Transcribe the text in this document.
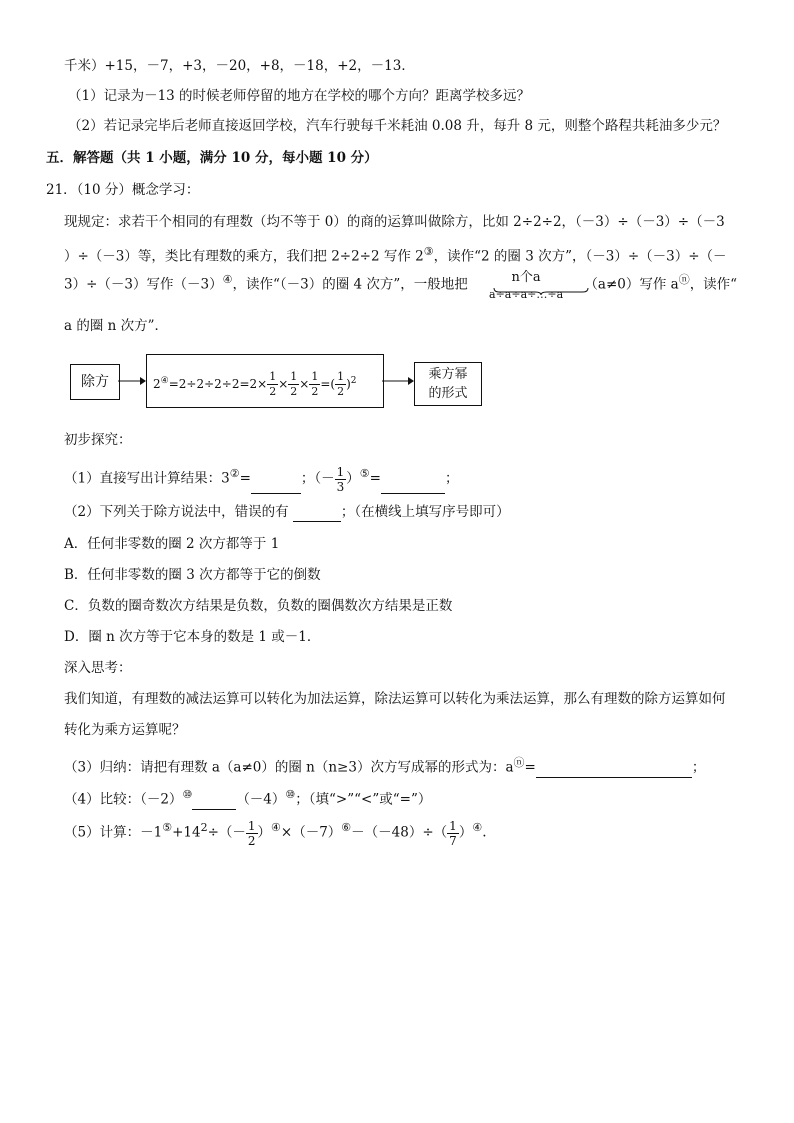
千米）+15，－7，+3，－20，+8，－18，+2，－13．
（1）记录为－13 的时候老师停留的地方在学校的哪个方向？距离学校多远？
（2）若记录完毕后老师直接返回学校，汽车行驶每千米耗油 0.08 升，每升 8 元，则整个路程共耗油多少元？
五．解答题（共 1 小题，满分 10 分，每小题 10 分）
21．（10 分）概念学习：
现规定：求若干个相同的有理数（均不等于 0）的商的运算叫做除方，比如 2÷2÷2，（－3）÷（－3）÷（－3
）÷（－3）等，类比有理数的乘方，我们把 2÷2÷2 写作 2③，读作“2 的圈 3 次方”，（－3）÷（－3）÷（－
3）÷（－3）写作（－3）④，读作“（－3）的圈 4 次方”，一般地把	n个a
a÷a÷a÷…÷a
（a≠0）写作 aⓝ，读作“
a 的圈 n 次方”．
除方	$2^④=2\div 2\div 2\div 2=2\times \frac{1}{2} \times \frac{1}{2} \times \frac{1}{2}$ =( $\frac{1}{2} )^2$	乘方幂
的形式
初步探究：
（1）直接写出计算结果：3②=	；（－ $\frac{1}{3} )^⑤=$	；
（2）下列关于除方说法中，错误的有	；（在横线上填写序号即可）
A．任何非零数的圈 2 次方都等于 1
B．任何非零数的圈 3 次方都等于它的倒数
C．负数的圈奇数次方结果是负数，负数的圈偶数次方结果是正数
D．圈 n 次方等于它本身的数是 1 或－1．
深入思考：
我们知道，有理数的减法运算可以转化为加法运算，除法运算可以转化为乘法运算，那么有理数的除方运算如何
转化为乘方运算呢？
（3）归纳：请把有理数 a（a≠0）的圈 n（n≥3）次方写成幂的形式为：aⓝ=	；
（4）比较：（－2）⑩	（－4）⑩；（填“>”“<”或“=”）
（5）计算：$-1^⑤+14^2\div(- \frac{1}{2} )^④\times(-7)^⑥-(-48)\div( \frac{1}{7} )^④$.
